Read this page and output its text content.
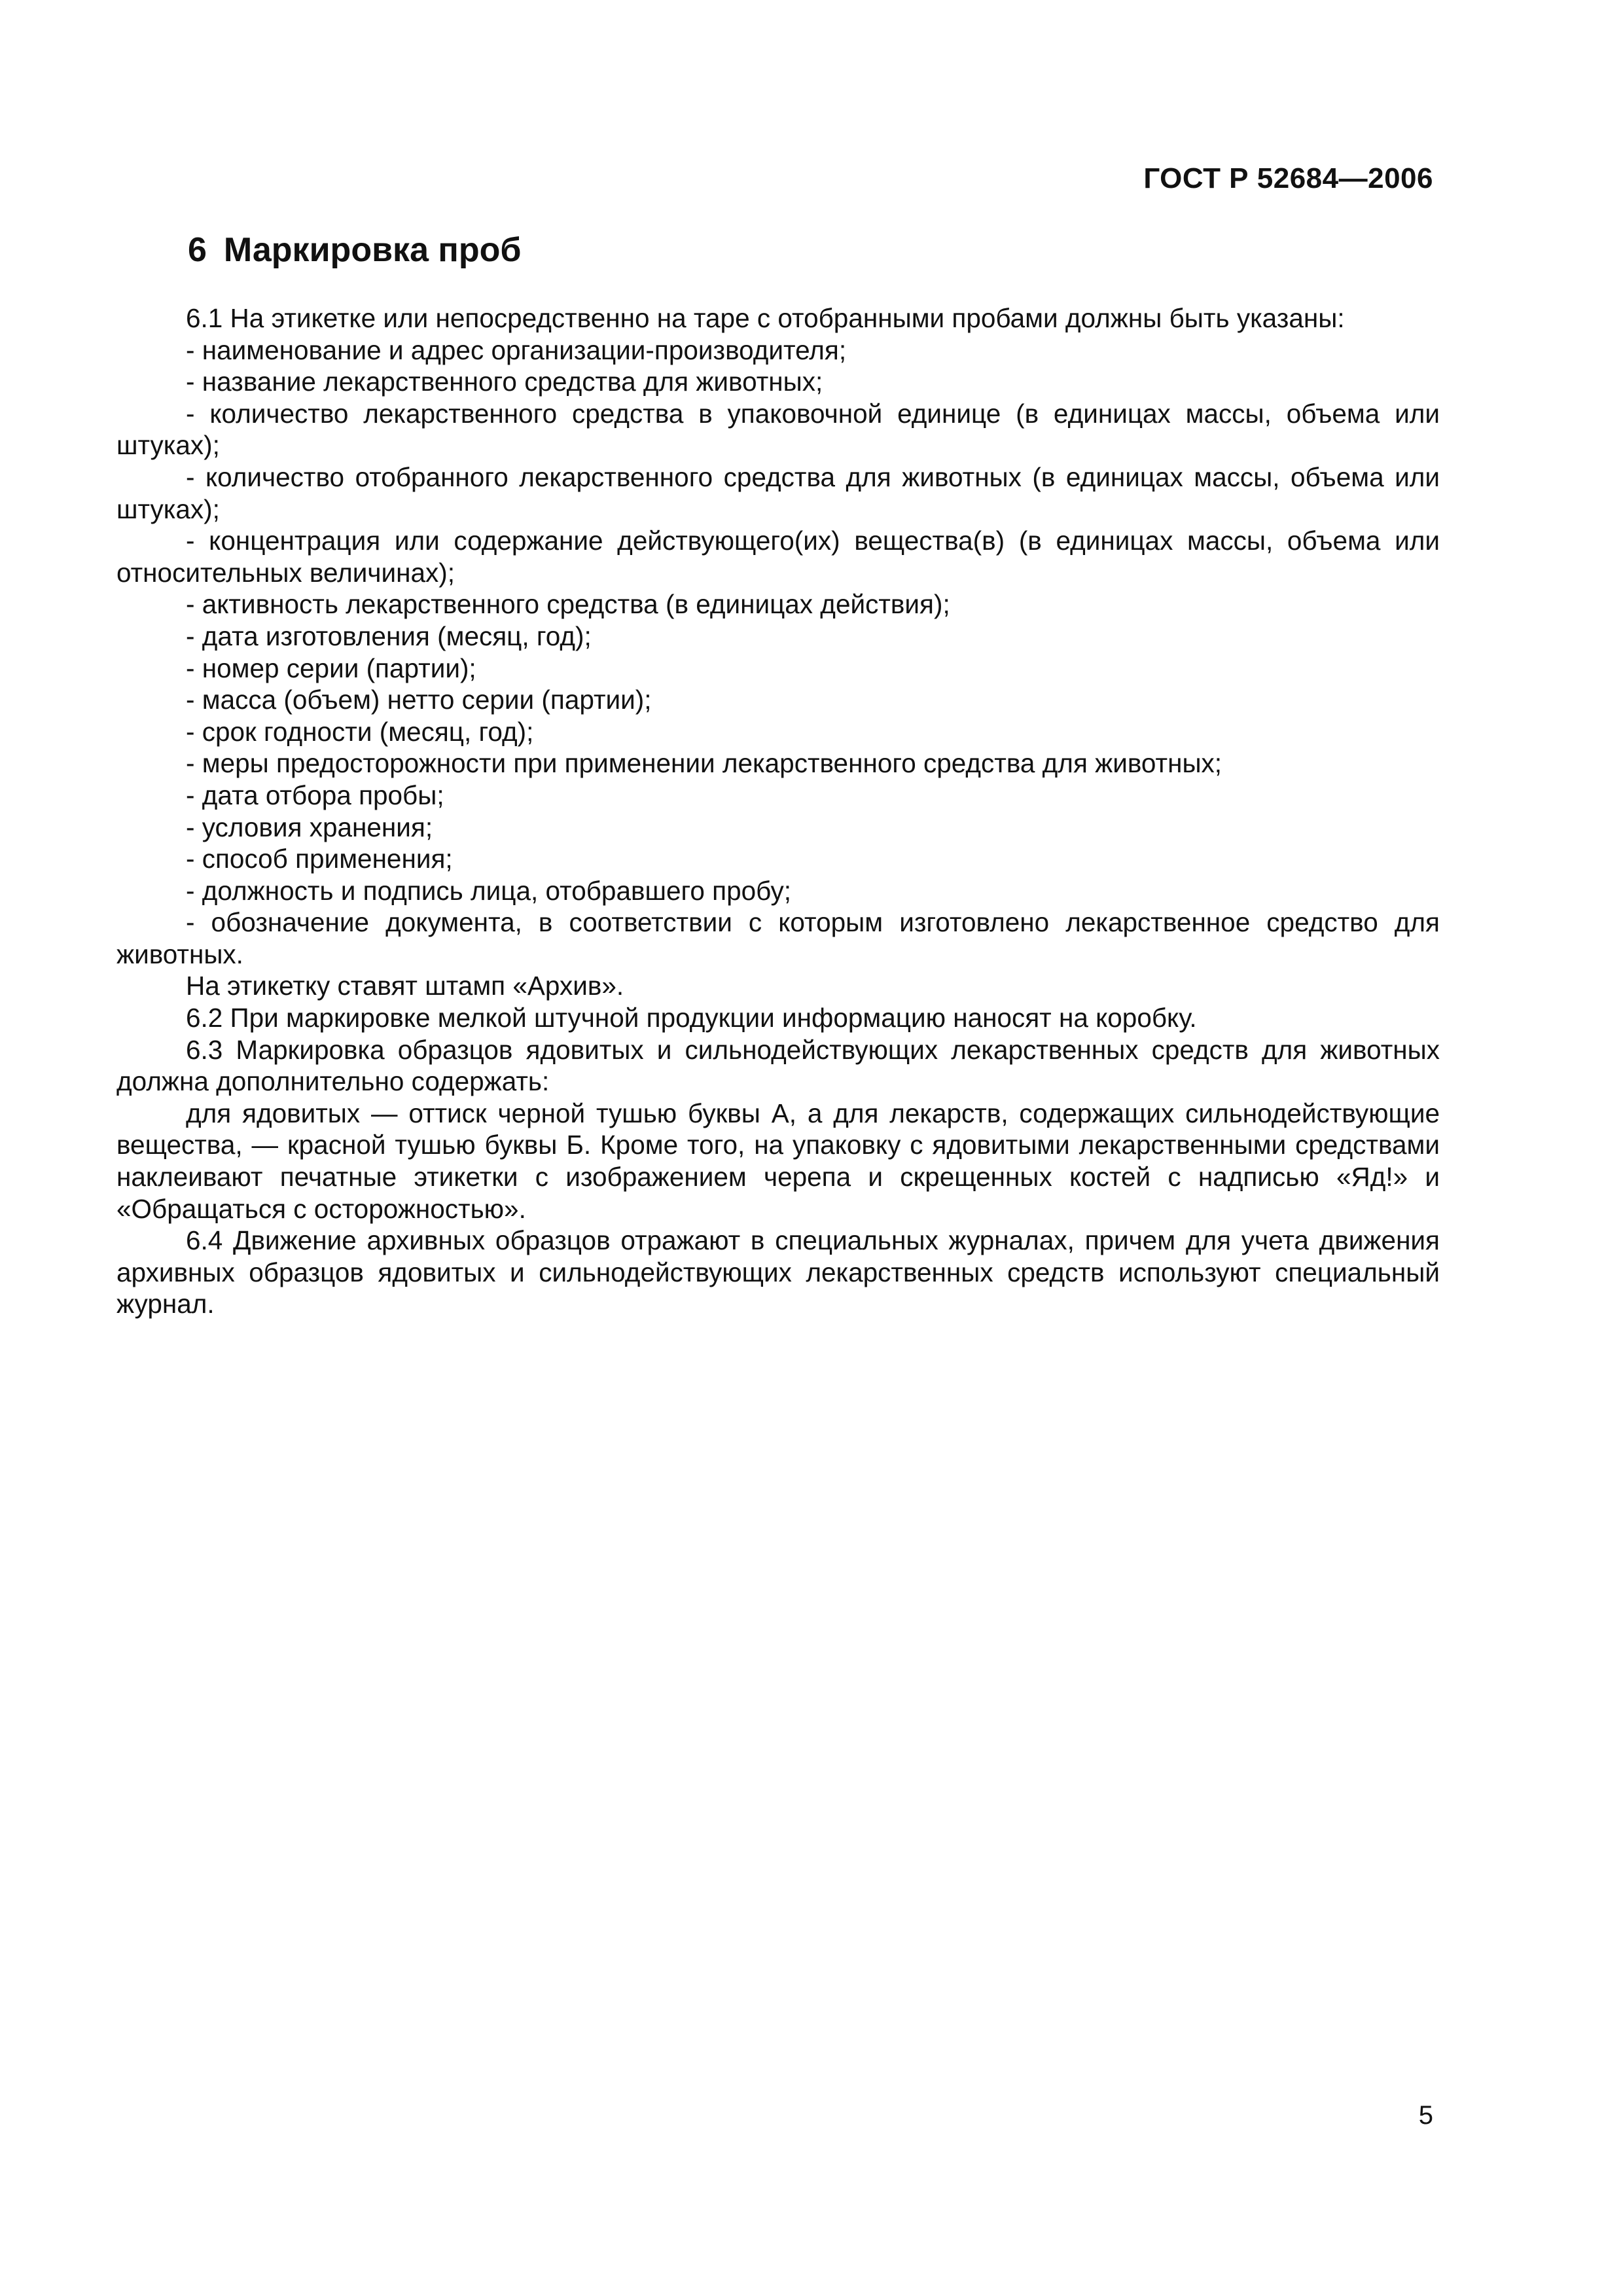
ГОСТ Р 52684—2006
6 Маркировка проб

6.1 На этикетке или непосредственно на таре с отобранными пробами должны быть указаны:

- наименование и адрес организации-производителя;

- название лекарственного средства для животных;

- количество лекарственного средства в упаковочной единице (в единицах массы, объема или штуках);

- количество отобранного лекарственного средства для животных (в единицах массы, объема или штуках);

- концентрация или содержание действующего(их) вещества(в) (в единицах массы, объема или относительных величинах);

- активность лекарственного средства (в единицах действия);

- дата изготовления (месяц, год);

- номер серии (партии);

- масса (объем) нетто серии (партии);

- срок годности (месяц, год);

- меры предосторожности при применении лекарственного средства для животных;

- дата отбора пробы;

- условия хранения;

- способ применения;

- должность и подпись лица, отобравшего пробу;

- обозначение документа, в соответствии с которым изготовлено лекарственное средство для животных.

На этикетку ставят штамп «Архив».

6.2 При маркировке мелкой штучной продукции информацию наносят на коробку.

6.3 Маркировка образцов ядовитых и сильнодействующих лекарственных средств для животных должна дополнительно содержать:

для ядовитых — оттиск черной тушью буквы А, а для лекарств, содержащих сильнодействующие вещества, — красной тушью буквы Б. Кроме того, на упаковку с ядовитыми лекарственными средствами наклеивают печатные этикетки с изображением черепа и скрещенных костей с надписью «Яд!» и «Обращаться с осторожностью».

6.4 Движение архивных образцов отражают в специальных журналах, причем для учета движения архивных образцов ядовитых и сильнодействующих лекарственных средств используют специальный журнал.

5
